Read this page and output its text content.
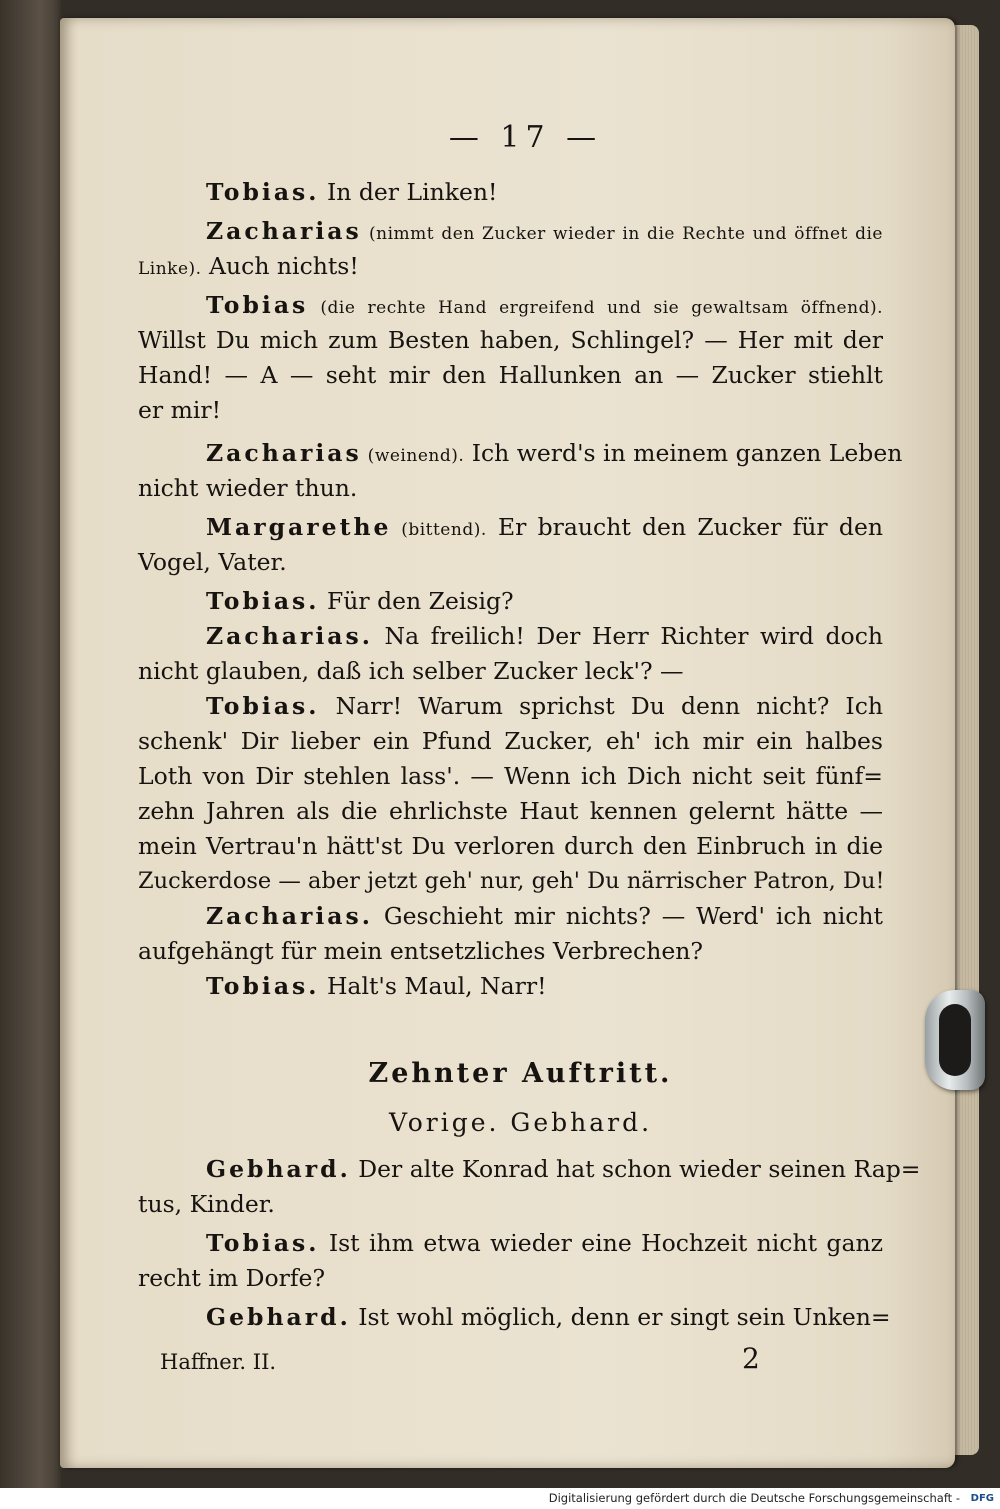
— 17 —
Tobias. In der Linken!
Zacharias (nimmt den Zucker wieder in die Rechte und öffnet die
Linke). Auch nichts!
Tobias (die rechte Hand ergreifend und sie gewaltsam öffnend).
Willst Du mich zum Besten haben, Schlingel? — Her mit der
Hand! — A — seht mir den Hallunken an — Zucker stiehlt
er mir!
Zacharias (weinend). Ich werd's in meinem ganzen Leben
nicht wieder thun.
Margarethe (bittend). Er braucht den Zucker für den
Vogel, Vater.
Tobias. Für den Zeisig?
Zacharias. Na freilich! Der Herr Richter wird doch
nicht glauben, daß ich selber Zucker leck'? —
Tobias. Narr! Warum sprichst Du denn nicht? Ich
schenk' Dir lieber ein Pfund Zucker, eh' ich mir ein halbes
Loth von Dir stehlen lass'. — Wenn ich Dich nicht seit fünf=
zehn Jahren als die ehrlichste Haut kennen gelernt hätte —
mein Vertrau'n hätt'st Du verloren durch den Einbruch in die
Zuckerdose — aber jetzt geh' nur, geh' Du närrischer Patron, Du!
Zacharias. Geschieht mir nichts? — Werd' ich nicht
aufgehängt für mein entsetzliches Verbrechen?
Tobias. Halt's Maul, Narr!
Zehnter Auftritt.
Vorige. Gebhard.
Gebhard. Der alte Konrad hat schon wieder seinen Rap=
tus, Kinder.
Tobias. Ist ihm etwa wieder eine Hochzeit nicht ganz
recht im Dorfe?
Gebhard. Ist wohl möglich, denn er singt sein Unken=
Haffner. II.	2
Digitalisierung gefördert durch die Deutsche Forschungsgemeinschaft - DFG
